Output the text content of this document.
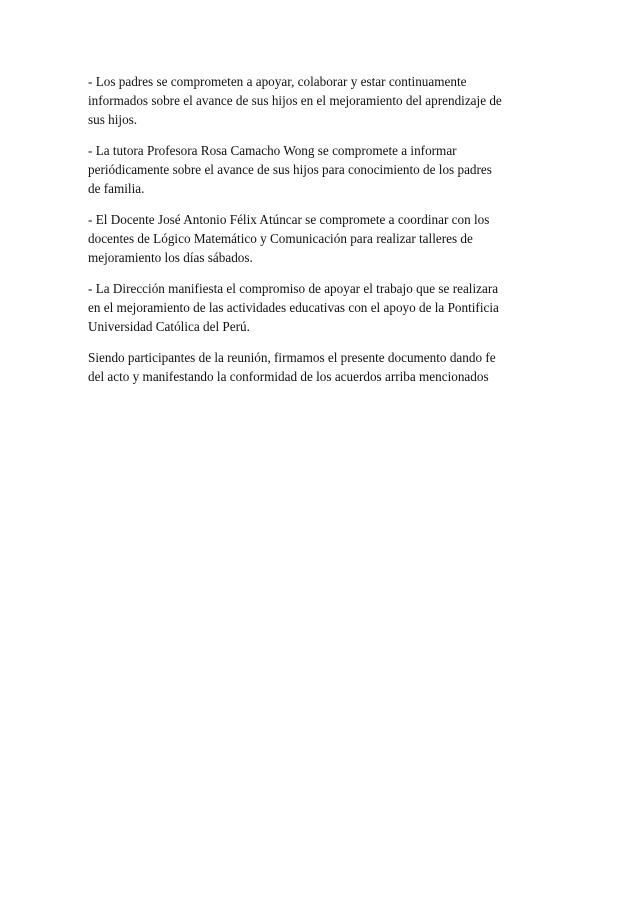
- Los padres se comprometen a apoyar, colaborar y estar continuamente
informados sobre el avance de sus hijos en el mejoramiento del aprendizaje de
sus hijos.

- La tutora Profesora Rosa Camacho Wong se compromete a informar
periódicamente sobre el avance de sus hijos para conocimiento de los padres
de familia.

- El Docente José Antonio Félix Atúncar se compromete a coordinar con los
docentes de Lógico Matemático y Comunicación para realizar talleres de
mejoramiento los días sábados.

- La Dirección manifiesta el compromiso de apoyar el trabajo que se realizara
en el mejoramiento de las actividades educativas con el apoyo de la Pontificia
Universidad Católica del Perú.

Siendo participantes de la reunión, firmamos el presente documento dando fe
del acto y manifestando la conformidad de los acuerdos arriba mencionados
